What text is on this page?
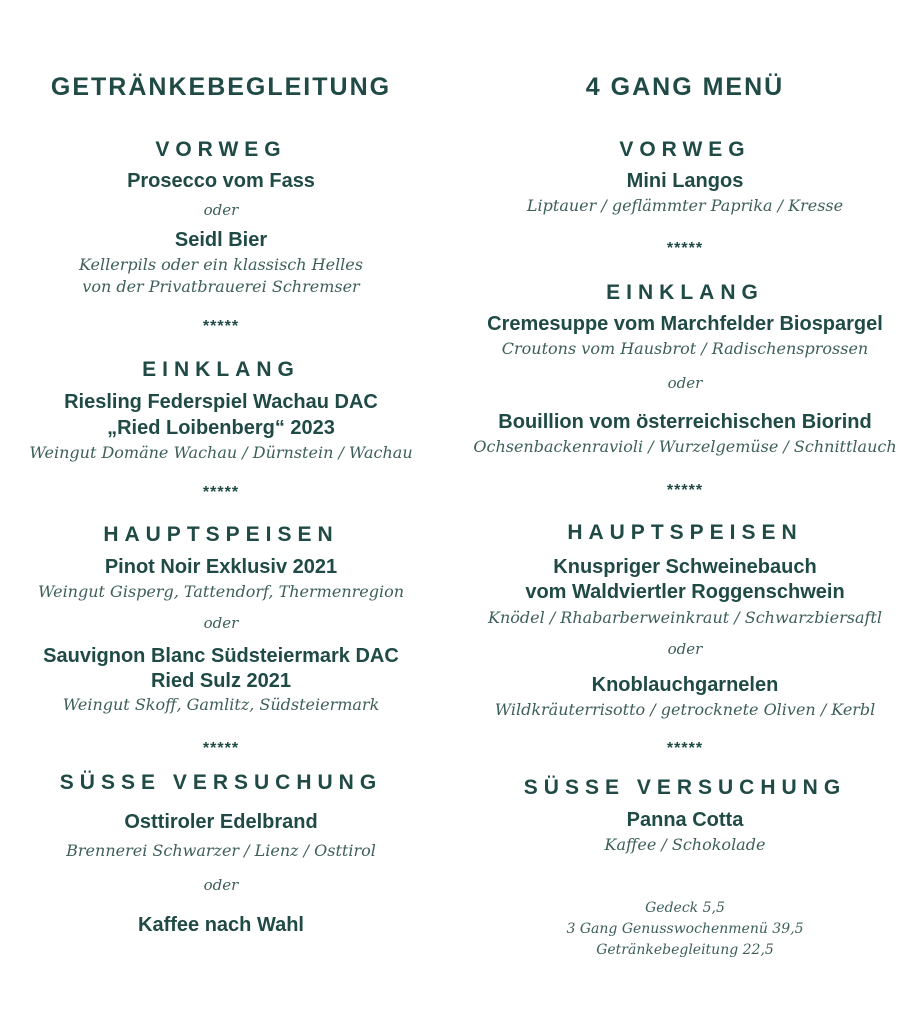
GETRÄNKEBEGLEITUNG
VORWEG
Prosecco vom Fass
oder
Seidl Bier
Kellerpils oder ein klassisch Helles
von der Privatbrauerei Schremser
*****
EINKLANG
Riesling Federspiel Wachau DAC
„Ried Loibenberg“ 2023
Weingut Domäne Wachau / Dürnstein / Wachau
*****
HAUPTSPEISEN
Pinot Noir Exklusiv 2021
Weingut Gisperg, Tattendorf, Thermenregion
oder
Sauvignon Blanc Südsteiermark DAC
Ried Sulz 2021
Weingut Skoff, Gamlitz, Südsteiermark
*****
SÜSSE VERSUCHUNG
Osttiroler Edelbrand
Brennerei Schwarzer / Lienz / Osttirol
oder
Kaffee nach Wahl
4 GANG MENÜ
VORWEG
Mini Langos
Liptauer / geflämmter Paprika / Kresse
*****
EINKLANG
Cremesuppe vom Marchfelder Biospargel
Croutons vom Hausbrot / Radischensprossen
oder
Bouillion vom österreichischen Biorind
Ochsenbackenravioli / Wurzelgemüse / Schnittlauch
*****
HAUPTSPEISEN
Knuspriger Schweinebauch
vom Waldviertler Roggenschwein
Knödel / Rhabarberweinkraut / Schwarzbiersaftl
oder
Knoblauchgarnelen
Wildkräuterrisotto / getrocknete Oliven / Kerbl
*****
SÜSSE VERSUCHUNG
Panna Cotta
Kaffee / Schokolade
Gedeck 5,5
3 Gang Genusswochenmenü 39,5
Getränkebegleitung 22,5
